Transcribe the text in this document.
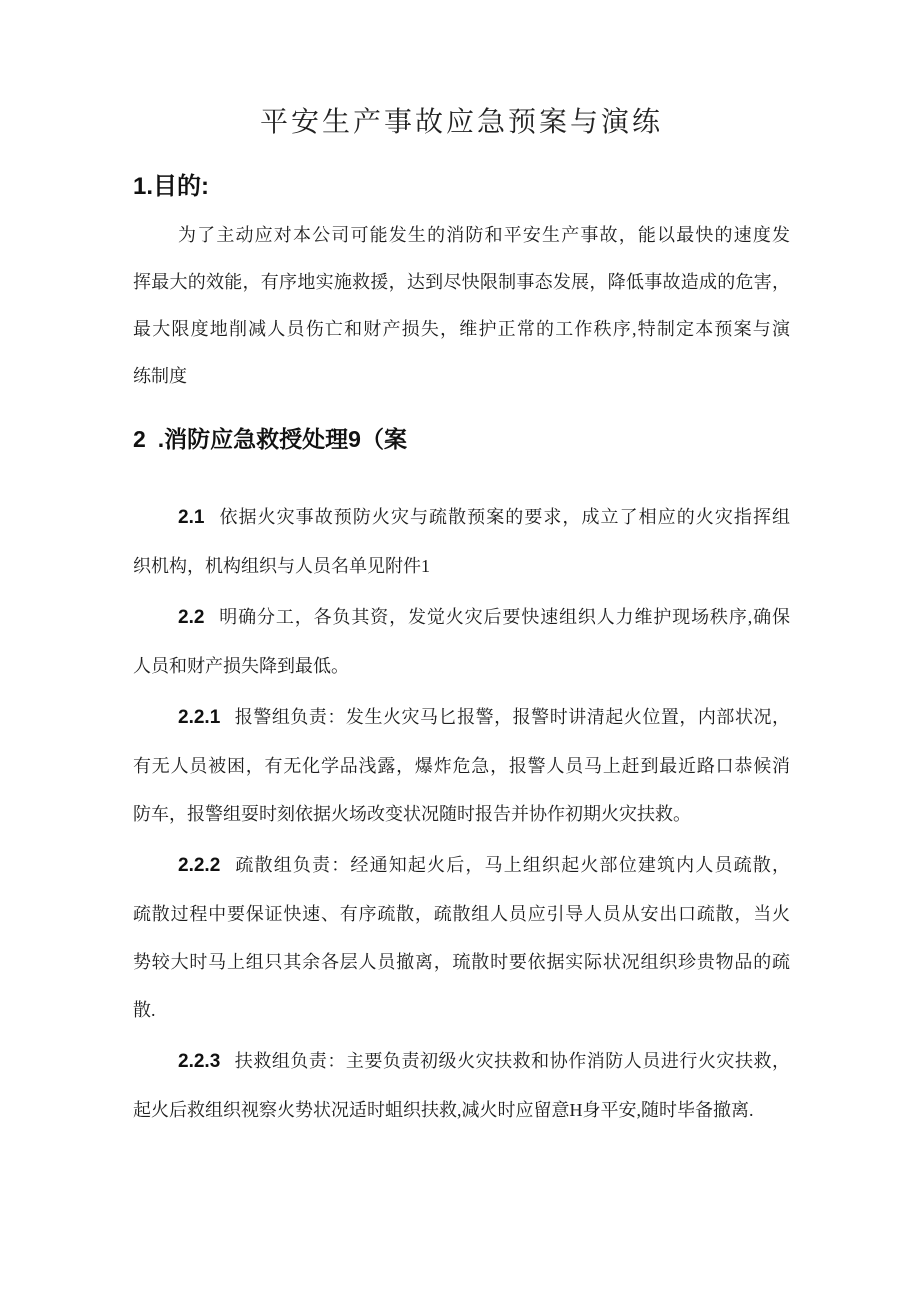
平安生产事故应急预案与演练
1.目的:
为了主动应对本公司可能发生的消防和平安生产事故，能以最快的速度发
挥最大的效能，有序地实施救援，达到尽快限制事态发展，降低事故造成的危害，
最大限度地削减人员伤亡和财产损失，维护正常的工作秩序,特制定本预案与演
练制度
2 .消防应急救授处理9（案
2.1 依据火灾事故预防火灾与疏散预案的要求，成立了相应的火灾指挥组
织机构，机构组织与人员名单见附件1
2.2 明确分工，各负其资，发觉火灾后要快速组织人力维护现场秩序,确保
人员和财产损失降到最低。
2.2.1 报警组负责：发生火灾马匕报警，报警时讲清起火位置，内部状况，
有无人员被困，有无化学品浅露，爆炸危急，报警人员马上赶到最近路口恭候消
防车，报警组耍时刻依据火场改变状况随时报告并协作初期火灾扶救。
2.2.2 疏散组负责：经通知起火后，马上组织起火部位建筑内人员疏散，
疏散过程中要保证快速、有序疏散，疏散组人员应引导人员从安出口疏散，当火
势较大时马上组只其余各层人员撤离，琉散时要依据实际状况组织珍贵物品的疏
散.
2.2.3 扶救组负责：主要负责初级火灾扶救和协作消防人员进行火灾扶救，
起火后救组织视察火势状况适时蛆织扶救,减火时应留意H身平安,随时毕备撤离.
